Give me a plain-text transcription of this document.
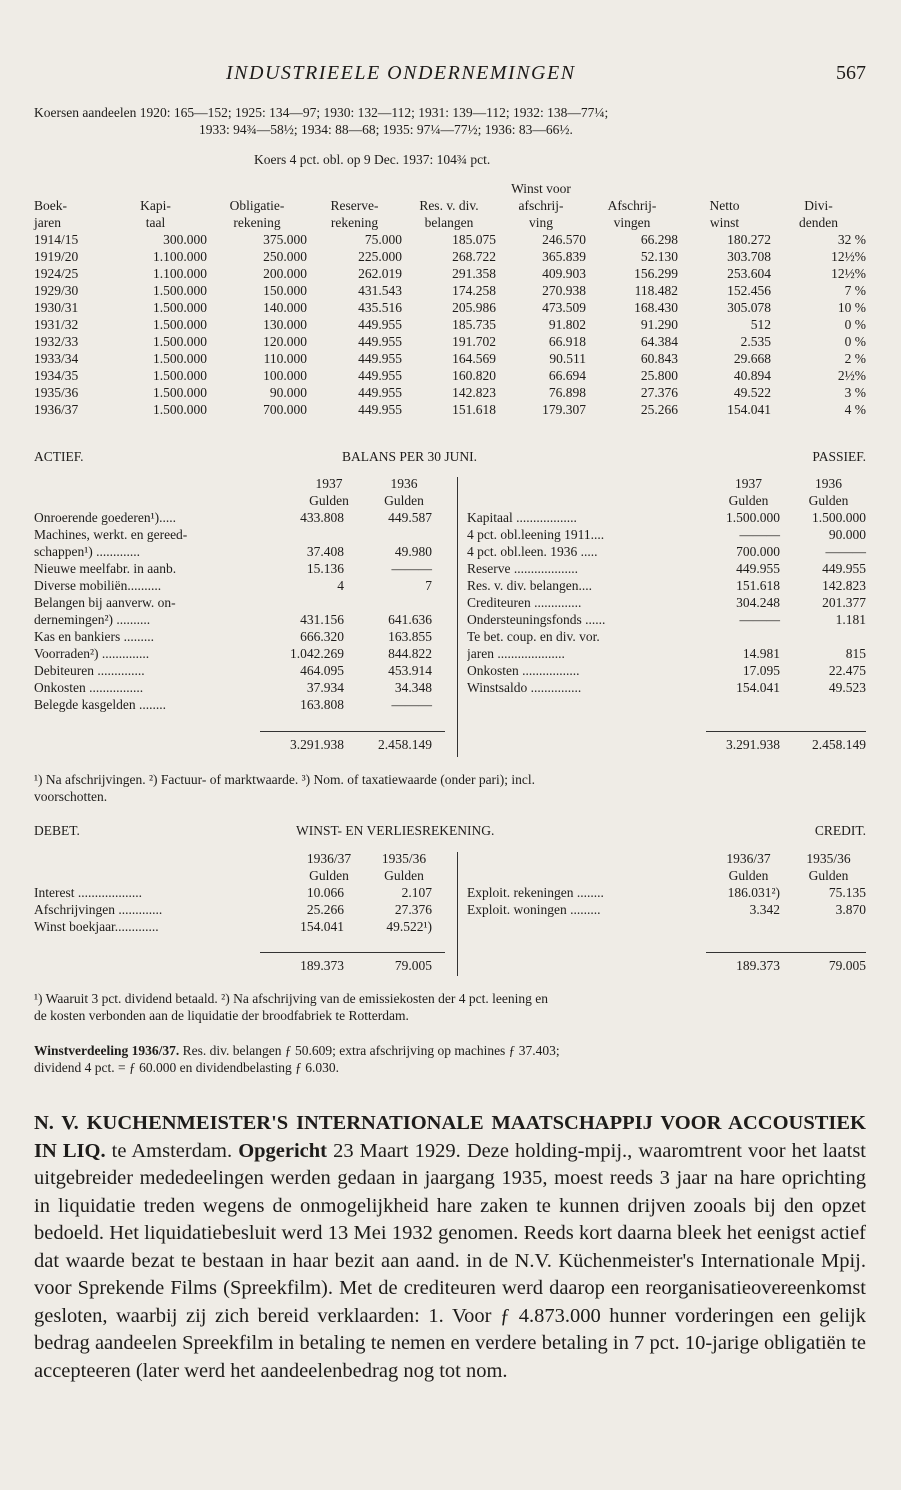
INDUSTRIEELE ONDERNEMINGEN	567
Koersen aandeelen 1920: 165—152; 1925: 134—97; 1930: 132—112; 1931: 139—112; 1932: 138—77¼;
1933: 94¾—58½; 1934: 88—68; 1935: 97¼—77½; 1936: 83—66½.
Koers 4 pct. obl. op 9 Dec. 1937: 104¾ pct.
					Winst voor			
Boek-	Kapi-	Obligatie-	Reserve-	Res. v. div.	afschrij-	Afschrij-	Netto	Divi-
jaren	taal	rekening	rekening	belangen	ving	vingen	winst	denden
1914/15	300.000	375.000	75.000	185.075	246.570	66.298	180.272	32 %
1919/20	1.100.000	250.000	225.000	268.722	365.839	52.130	303.708	12½%
1924/25	1.100.000	200.000	262.019	291.358	409.903	156.299	253.604	12½%
1929/30	1.500.000	150.000	431.543	174.258	270.938	118.482	152.456	7 %
1930/31	1.500.000	140.000	435.516	205.986	473.509	168.430	305.078	10 %
1931/32	1.500.000	130.000	449.955	185.735	91.802	91.290	512	0 %
1932/33	1.500.000	120.000	449.955	191.702	66.918	64.384	2.535	0 %
1933/34	1.500.000	110.000	449.955	164.569	90.511	60.843	29.668	2 %
1934/35	1.500.000	100.000	449.955	160.820	66.694	25.800	40.894	2½%
1935/36	1.500.000	90.000	449.955	142.823	76.898	27.376	49.522	3 %
1936/37	1.500.000	700.000	449.955	151.618	179.307	25.266	154.041	4 %
ACTIEF.	BALANS PER 30 JUNI.	PASSIEF.
1937	1936
Gulden	Gulden
1937	1936
Gulden	Gulden
Onroerende goederen¹).....	433.808	449.587
Machines, werkt. en gereed-
schappen¹) .............	37.408	49.980
Nieuwe meelfabr. in aanb.	15.136	———
Diverse mobiliën..........	4	7
Belangen bij aanverw. on-
dernemingen²) ..........	431.156	641.636
Kas en bankiers .........	666.320	163.855
Voorraden²) ..............	1.042.269	844.822
Debiteuren ..............	464.095	453.914
Onkosten ................	37.934	34.348
Belegde kasgelden ........	163.808	———
Kapitaal ..................	1.500.000	1.500.000
4 pct. obl.leening 1911....	———	90.000
4 pct. obl.leen. 1936 .....	700.000	———
Reserve ...................	449.955	449.955
Res. v. div. belangen....	151.618	142.823
Crediteuren ..............	304.248	201.377
Ondersteuningsfonds ......	———	1.181
Te bet. coup. en div. vor.
jaren ....................	14.981	815
Onkosten .................	17.095	22.475
Winstsaldo ...............	154.041	49.523
3.291.938	2.458.149	3.291.938	2.458.149
¹) Na afschrijvingen. ²) Factuur- of marktwaarde. ³) Nom. of taxatiewaarde (onder pari); incl.
voorschotten.
DEBET.	WINST- EN VERLIESREKENING.	CREDIT.
1936/37	1935/36
Gulden	Gulden
1936/37	1935/36
Gulden	Gulden
Interest ...................	10.066	2.107
Afschrijvingen .............	25.266	27.376
Winst boekjaar.............	154.041	49.522¹)
Exploit. rekeningen ........	186.031²)	75.135
Exploit. woningen .........	3.342	3.870
189.373	79.005	189.373	79.005
¹) Waaruit 3 pct. dividend betaald. ²) Na afschrijving van de emissiekosten der 4 pct. leening en
de kosten verbonden aan de liquidatie der broodfabriek te Rotterdam.
Winstverdeeling 1936/37. Res. div. belangen ƒ 50.609; extra afschrijving op machines ƒ 37.403;
dividend 4 pct. = ƒ 60.000 en dividendbelasting ƒ 6.030.
N. V. KUCHENMEISTER'S INTERNATIONALE MAATSCHAPPIJ VOOR ACCOUSTIEK IN LIQ. te Amsterdam. Opgericht 23 Maart 1929. Deze holding-mpij., waaromtrent voor het laatst uitgebreider mededeelingen werden gedaan in jaargang 1935, moest reeds 3 jaar na hare oprichting in liquidatie treden wegens de onmogelijkheid hare zaken te kunnen drijven zooals bij den opzet bedoeld. Het liquidatiebesluit werd 13 Mei 1932 genomen. Reeds kort daarna bleek het eenigst actief dat waarde bezat te bestaan in haar bezit aan aand. in de N.V. Küchenmeister's Internationale Mpij. voor Sprekende Films (Spreekfilm). Met de crediteuren werd daarop een reorganisatieovereenkomst gesloten, waarbij zij zich bereid verklaarden: 1. Voor ƒ 4.873.000 hunner vorderingen een gelijk bedrag aandeelen Spreekfilm in betaling te nemen en verdere betaling in 7 pct. 10-jarige obligatiën te accepteeren (later werd het aandeelenbedrag nog tot nom.
